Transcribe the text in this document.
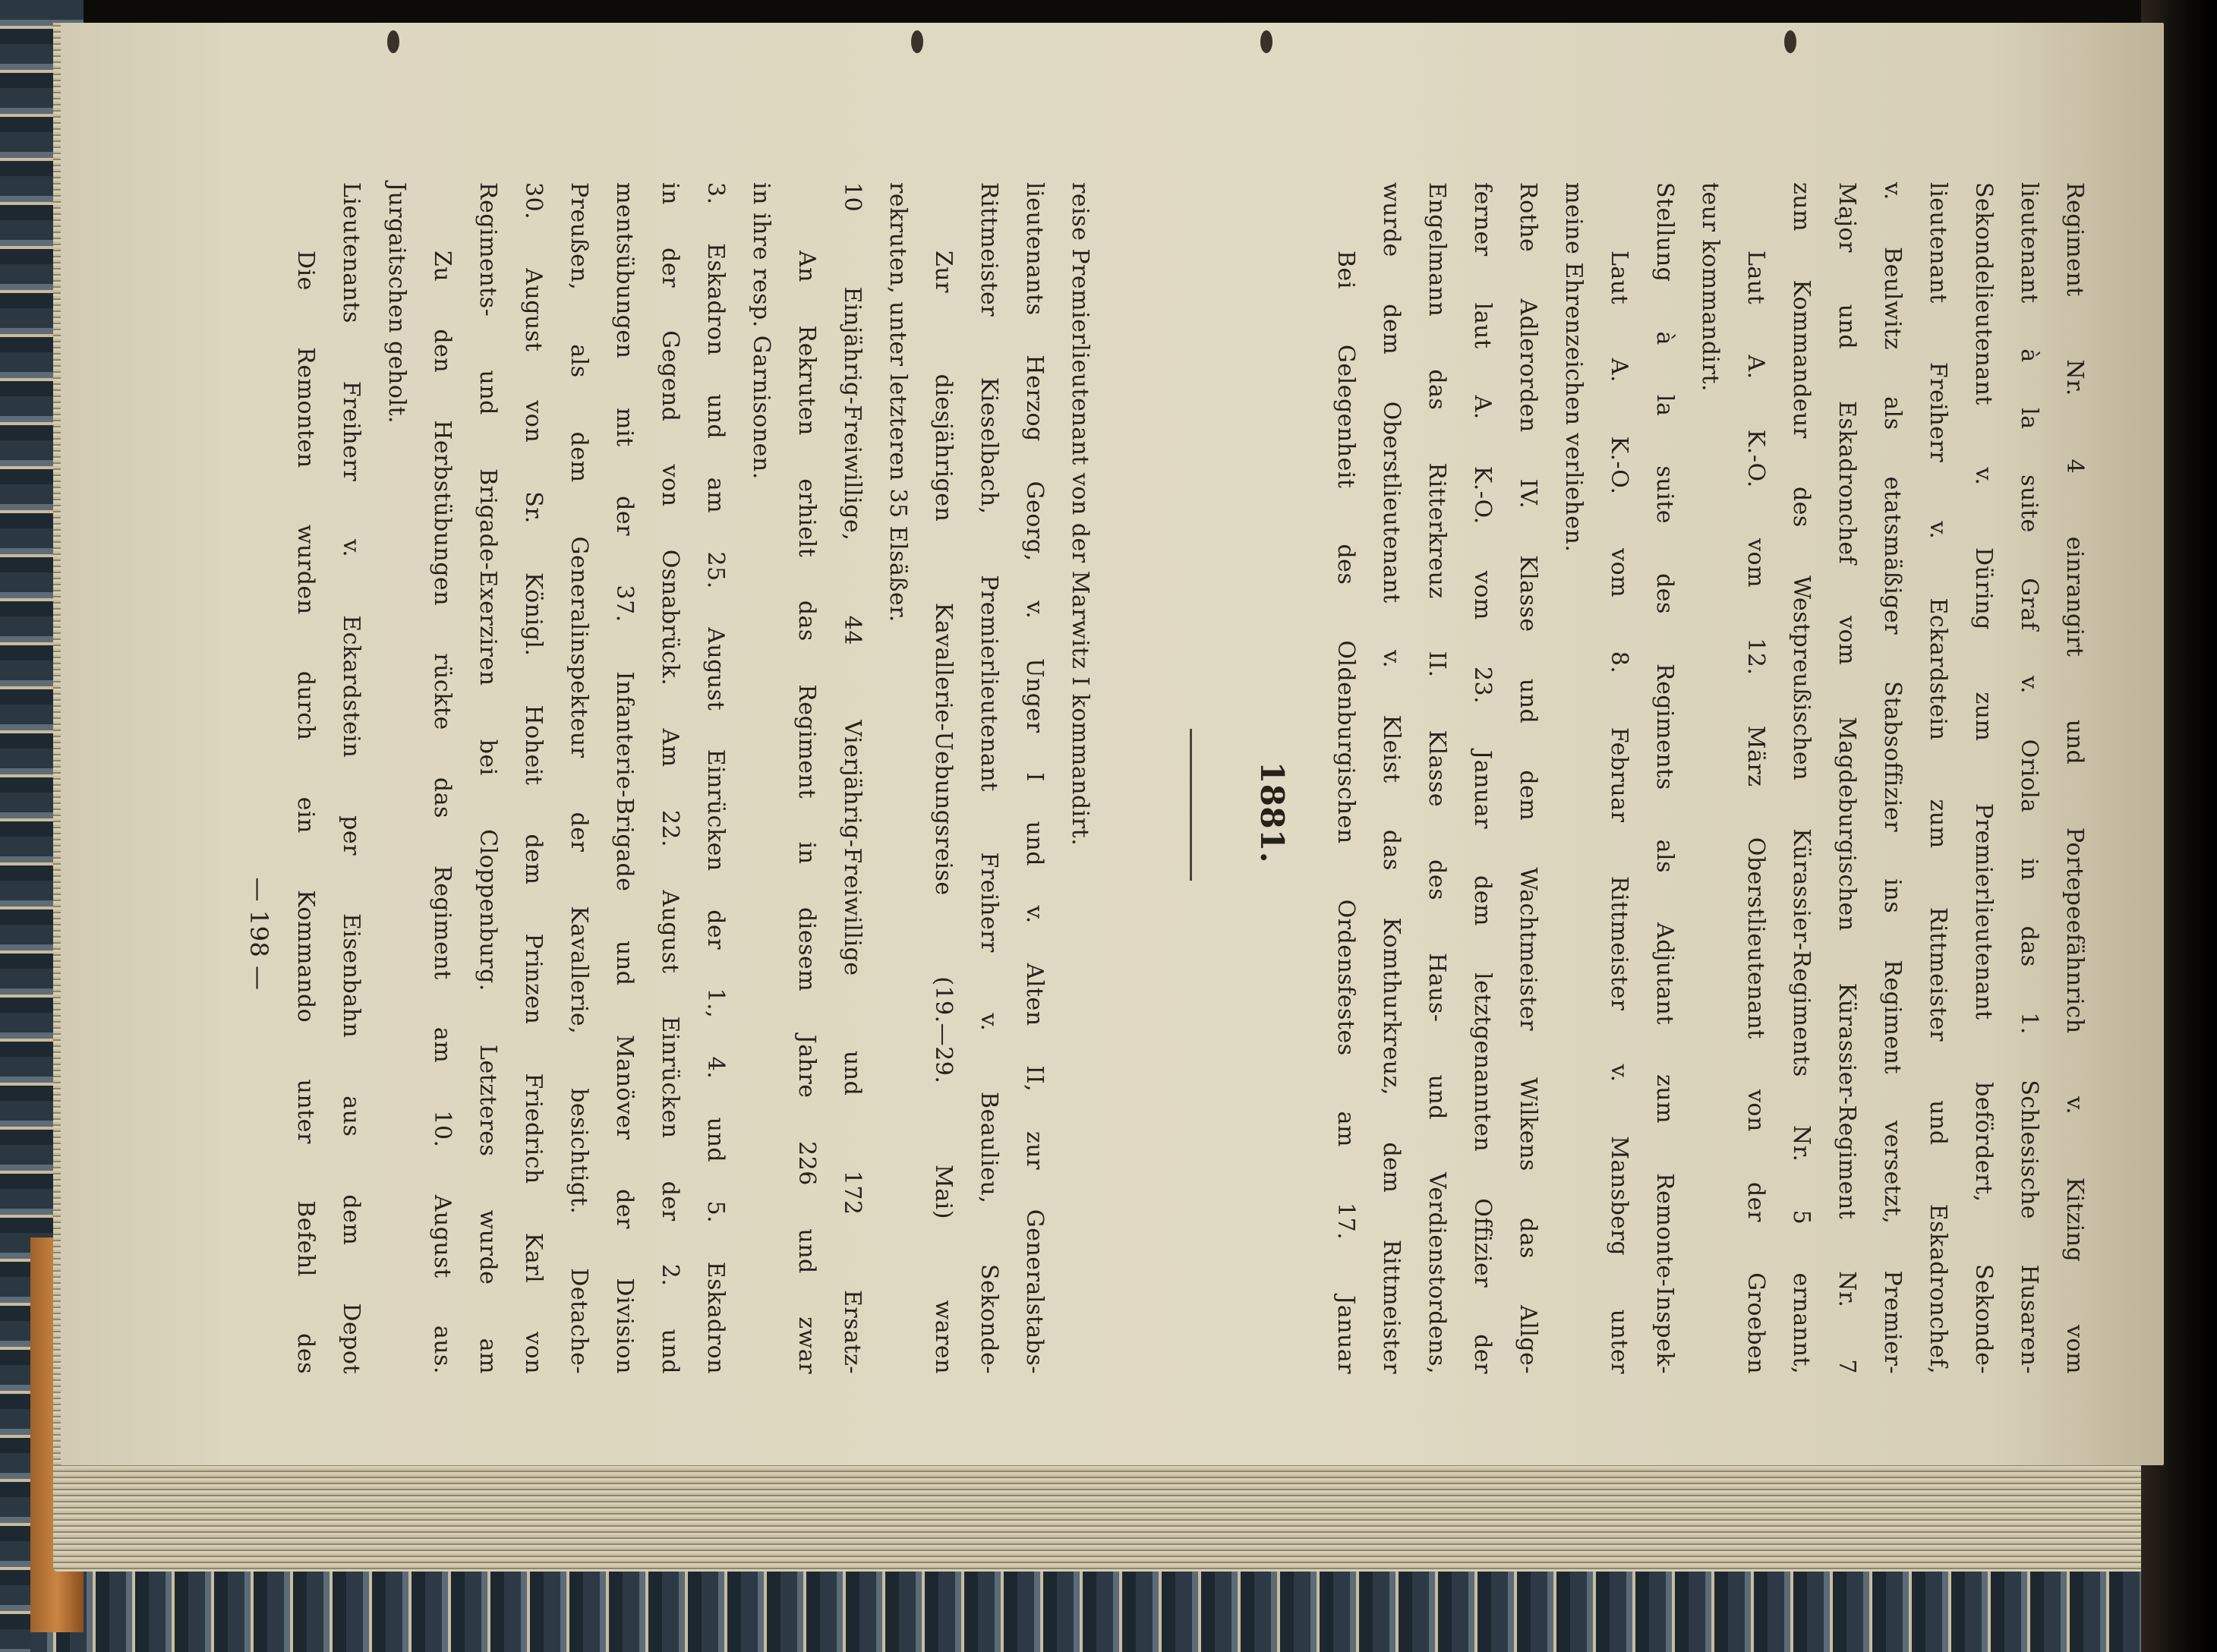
— 198 — Die Remonten wurden durch ein Kommando unter Befehl des Lieutenants Freiherr v. Eckardstein per Eisenbahn aus dem Depot Jurgaitschen geholt. Zu den Herbstübungen rückte das Regiment am 10. August aus. Regiments- und Brigade-Exerziren bei Cloppenburg. Letzteres wurde am 30. August von Sr. Königl. Hoheit dem Prinzen Friedrich Karl von Preußen, als dem Generalinspekteur der Kavallerie, besichtigt. Detache- mentsübungen mit der 37. Infanterie-Brigade und Manöver der Division in der Gegend von Osnabrück. Am 22. August Einrücken der 2. und 3. Eskadron und am 25. August Einrücken der 1., 4. und 5. Eskadron in ihre resp. Garnisonen. An Rekruten erhielt das Regiment in diesem Jahre 226 und zwar 10 Einjährig-Freiwillige, 44 Vierjährig-Freiwillige und 172 Ersatz- rekruten, unter letzteren 35 Elsäßer. Zur diesjährigen Kavallerie-Uebungsreise (19.—29. Mai) waren Rittmeister Kieselbach, Premierlieutenant Freiherr v. Beaulieu, Sekonde- lieutenants Herzog Georg, v. Unger I und v. Alten II, zur Generalstabs- reise Premierlieutenant von der Marwitz I kommandirt.	1881. Bei Gelegenheit des Oldenburgischen Ordensfestes am 17. Januar wurde dem Oberstlieutenant v. Kleist das Komthurkreuz, dem Rittmeister Engelmann das Ritterkreuz II. Klasse des Haus- und Verdienstordens, ferner laut A. K.-O. vom 23. Januar dem letztgenannten Offizier der Rothe Adlerorden IV. Klasse und dem Wachtmeister Wilkens das Allge- meine Ehrenzeichen verliehen. Laut A. K.-O. vom 8. Februar Rittmeister v. Mansberg unter Stellung à la suite des Regiments als Adjutant zum Remonte-Inspek- teur kommandirt. Laut A. K.-O. vom 12. März Oberstlieutenant von der Groeben zum Kommandeur des Westpreußischen Kürassier-Regiments Nr. 5 ernannt, Major und Eskadronchef vom Magdeburgischen Kürassier-Regiment Nr. 7 v. Beulwitz als etatsmäßiger Stabsoffizier ins Regiment versetzt, Premier- lieutenant Freiherr v. Eckardstein zum Rittmeister und Eskadronchef, Sekondelieutenant v. Düring zum Premierlieutenant befördert, Sekonde- lieutenant à la suite Graf v. Oriola in das 1. Schlesische Husaren- Regiment Nr. 4 einrangirt und Portepeefähnrich v. Kitzing vom
